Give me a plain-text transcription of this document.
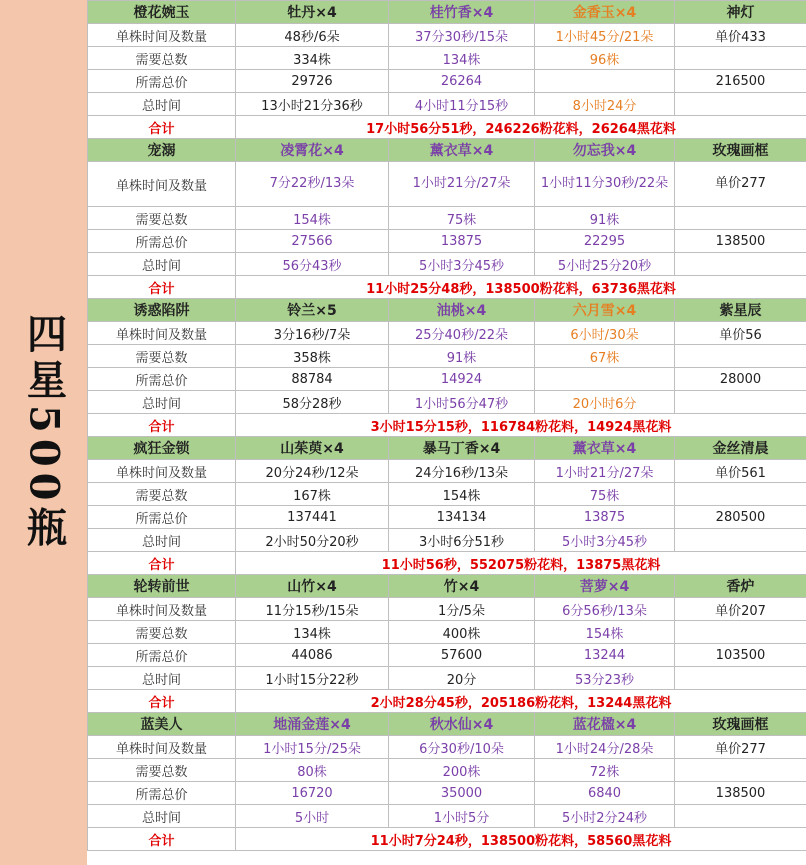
四星500瓶
橙花婉玉	牡丹×4	桂竹香×4	金香玉×4	神灯
单株时间及数量	48秒/6朵	37分30秒/15朵	1小时45分/21朵	单价433
需要总数	334株	134株	96株	
所需总价	29726	26264		216500
总时间	13小时21分36秒	4小时11分15秒	8小时24分	
合计	17小时56分51秒，246226粉花料，26264黑花料			
宠溺	凌霄花×4	薰衣草×4	勿忘我×4	玫瑰画框
单株时间及数量	7分22秒/13朵	1小时21分/27朵	1小时11分30秒/22朵	单价277
需要总数	154株	75株	91株	
所需总价	27566	13875	22295	138500
总时间	56分43秒	5小时3分45秒	5小时25分20秒	
合计	11小时25分48秒，138500粉花料，63736黑花料			
诱惑陷阱	铃兰×5	油桃×4	六月雪×4	紫星辰
单株时间及数量	3分16秒/7朵	25分40秒/22朵	6小时/30朵	单价56
需要总数	358株	91株	67株	
所需总价	88784	14924		28000
总时间	58分28秒	1小时56分47秒	20小时6分	
合计	3小时15分15秒，116784粉花料，14924黑花料			
疯狂金锁	山茱萸×4	暴马丁香×4	薰衣草×4	金丝清晨
单株时间及数量	20分24秒/12朵	24分16秒/13朵	1小时21分/27朵	单价561
需要总数	167株	154株	75株	
所需总价	137441	134134	13875	280500
总时间	2小时50分20秒	3小时6分51秒	5小时3分45秒	
合计	11小时56秒，552075粉花料，13875黑花料			
轮转前世	山竹×4	竹×4	菩萝×4	香炉
单株时间及数量	11分15秒/15朵	1分/5朵	6分56秒/13朵	单价207
需要总数	134株	400株	154株	
所需总价	44086	57600	13244	103500
总时间	1小时15分22秒	20分	53分23秒	
合计	2小时28分45秒，205186粉花料，13244黑花料			
蓝美人	地涌金莲×4	秋水仙×4	蓝花楹×4	玫瑰画框
单株时间及数量	1小时15分/25朵	6分30秒/10朵	1小时24分/28朵	单价277
需要总数	80株	200株	72株	
所需总价	16720	35000	6840	138500
总时间	5小时	1小时5分	5小时2分24秒	
合计	11小时7分24秒，138500粉花料，58560黑花料			
